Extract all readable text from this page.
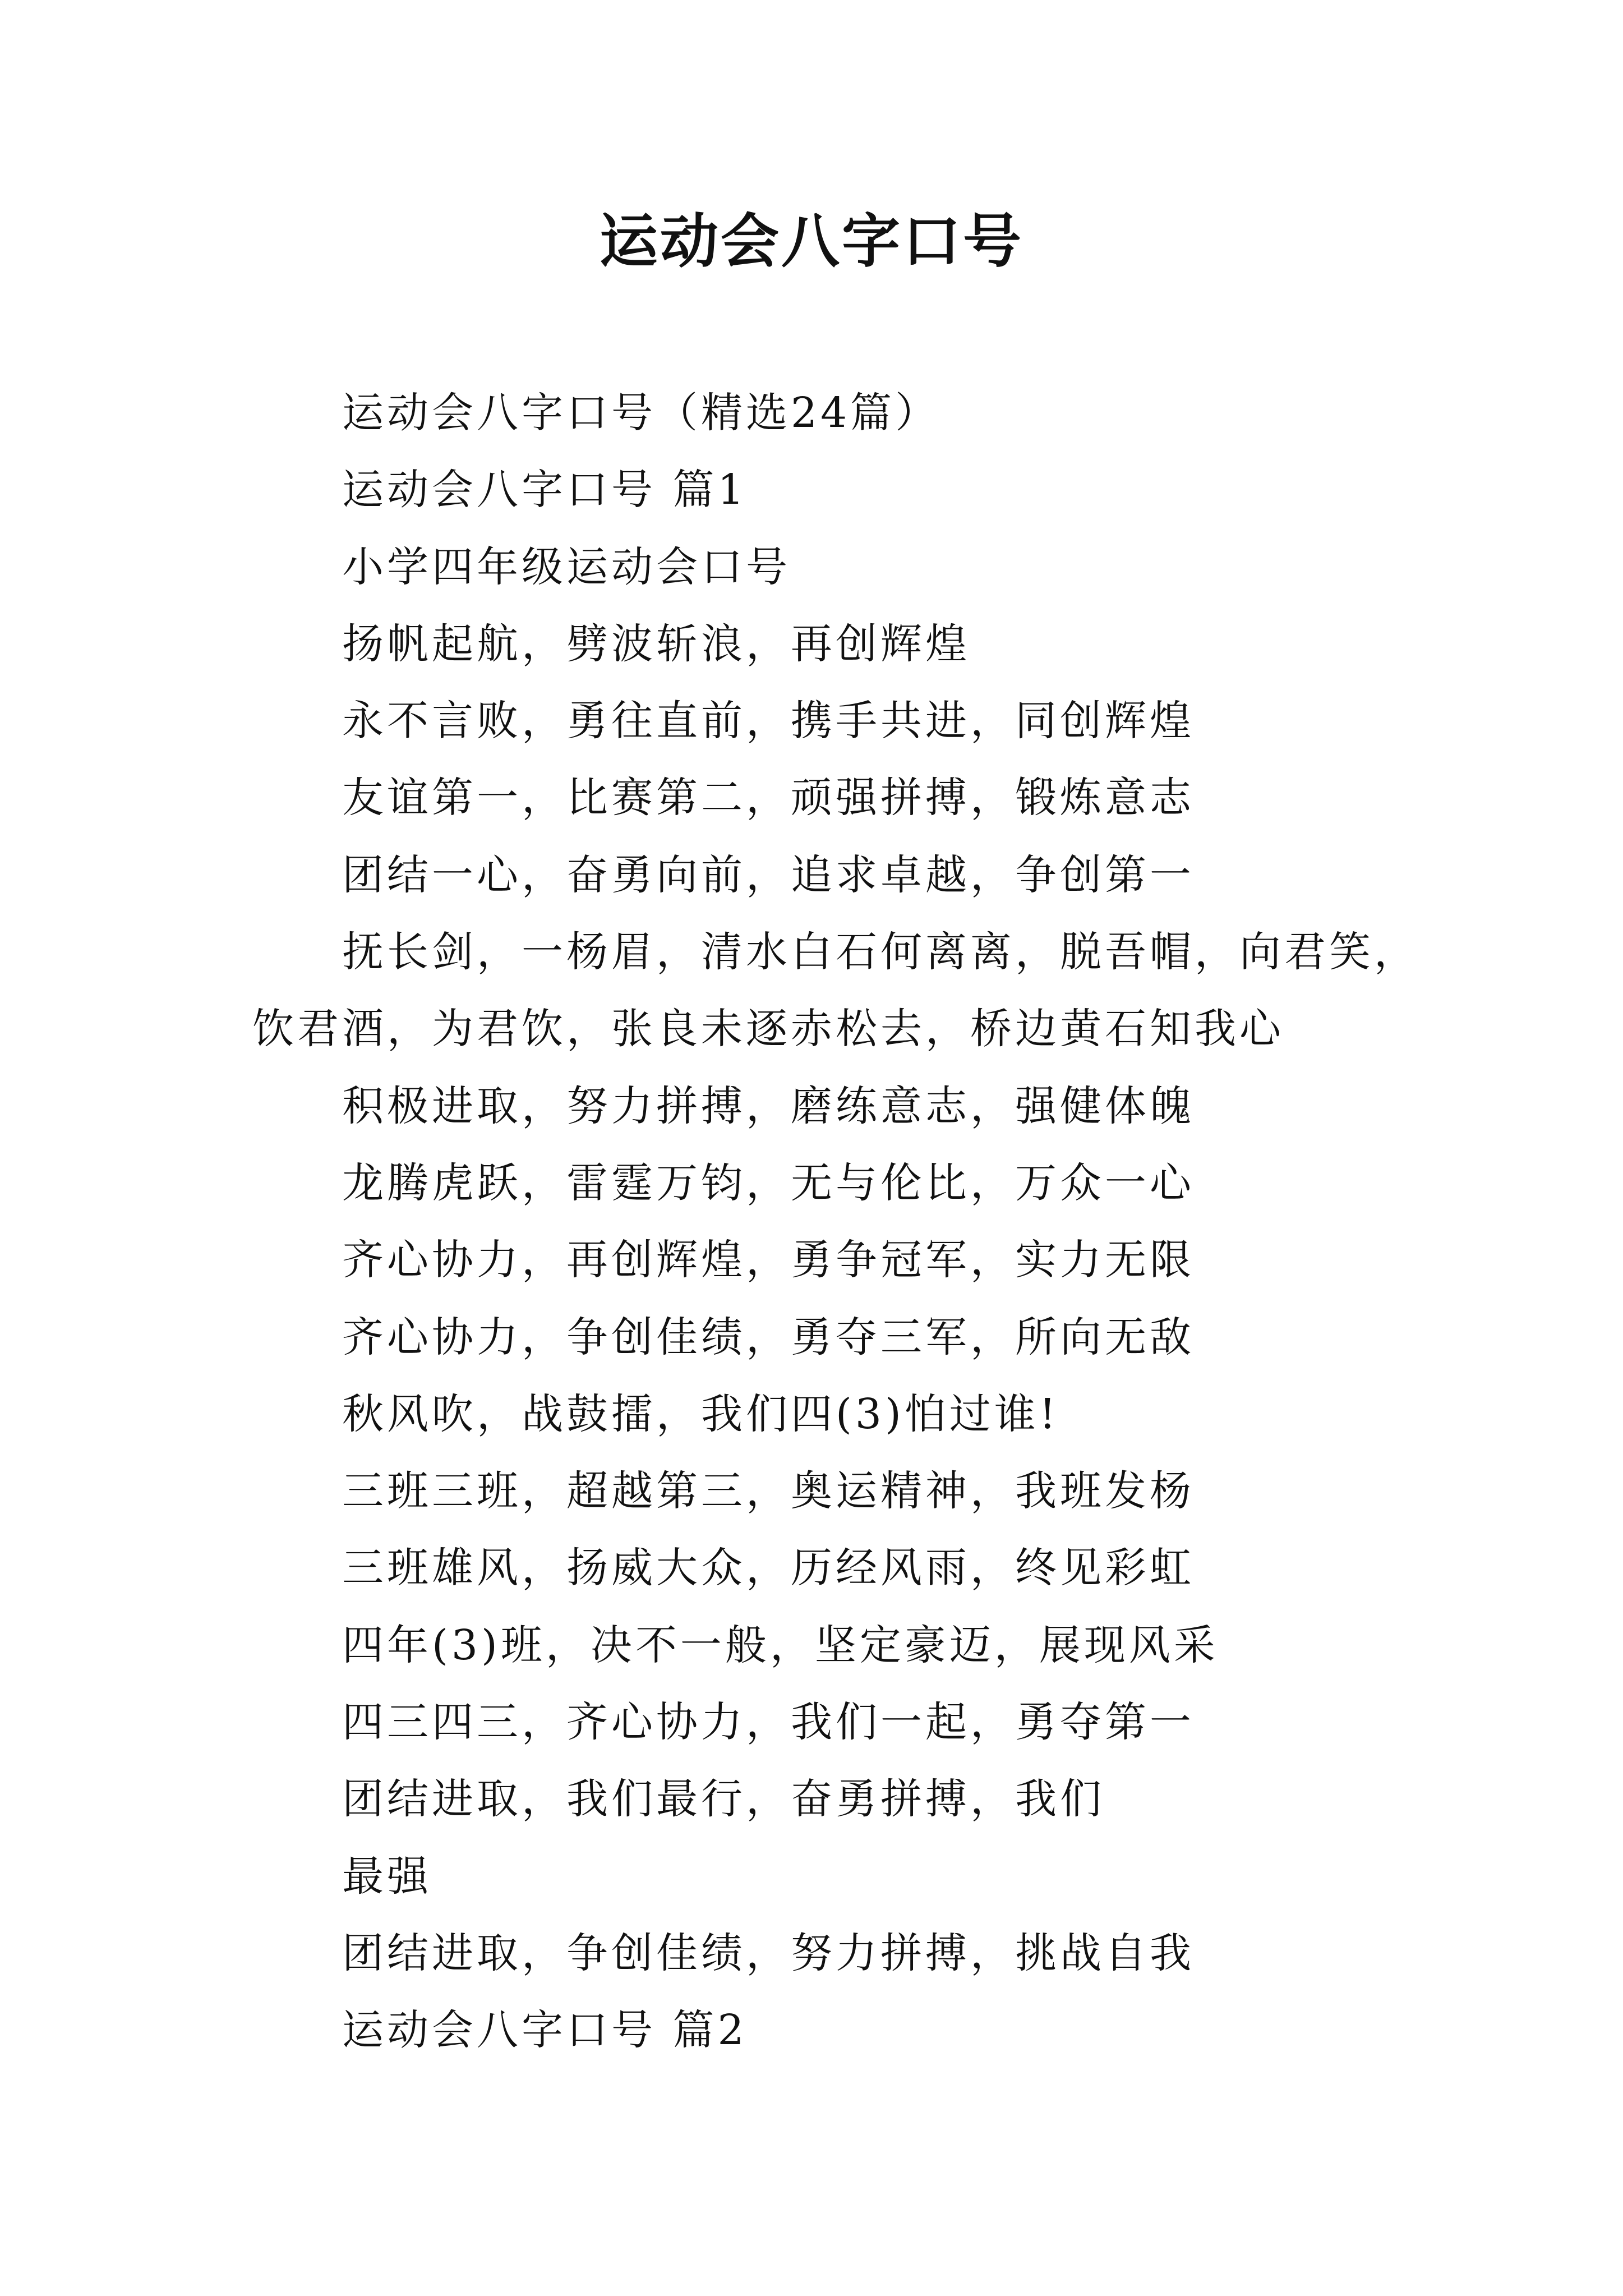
运动会八字口号

运动会八字口号（精选24篇）

运动会八字口号 篇1

小学四年级运动会口号

扬帆起航，劈波斩浪，再创辉煌

永不言败，勇往直前，携手共进，同创辉煌

友谊第一，比赛第二，顽强拼搏，锻炼意志

团结一心，奋勇向前，追求卓越，争创第一

抚长剑，一杨眉，清水白石何离离，脱吾帽，向君笑，饮君酒，为君饮，张良未逐赤松去，桥边黄石知我心

积极进取，努力拼搏，磨练意志，强健体魄

龙腾虎跃，雷霆万钧，无与伦比，万众一心

齐心协力，再创辉煌，勇争冠军，实力无限

齐心协力，争创佳绩，勇夺三军，所向无敌

秋风吹，战鼓擂，我们四(3)怕过谁!

三班三班，超越第三，奥运精神，我班发杨

三班雄风，扬威大众，历经风雨，终见彩虹

四年(3)班，决不一般，坚定豪迈，展现风采

四三四三，齐心协力，我们一起，勇夺第一

团结进取，我们最行，奋勇拼搏，我们

最强

团结进取，争创佳绩，努力拼搏，挑战自我

运动会八字口号 篇2
